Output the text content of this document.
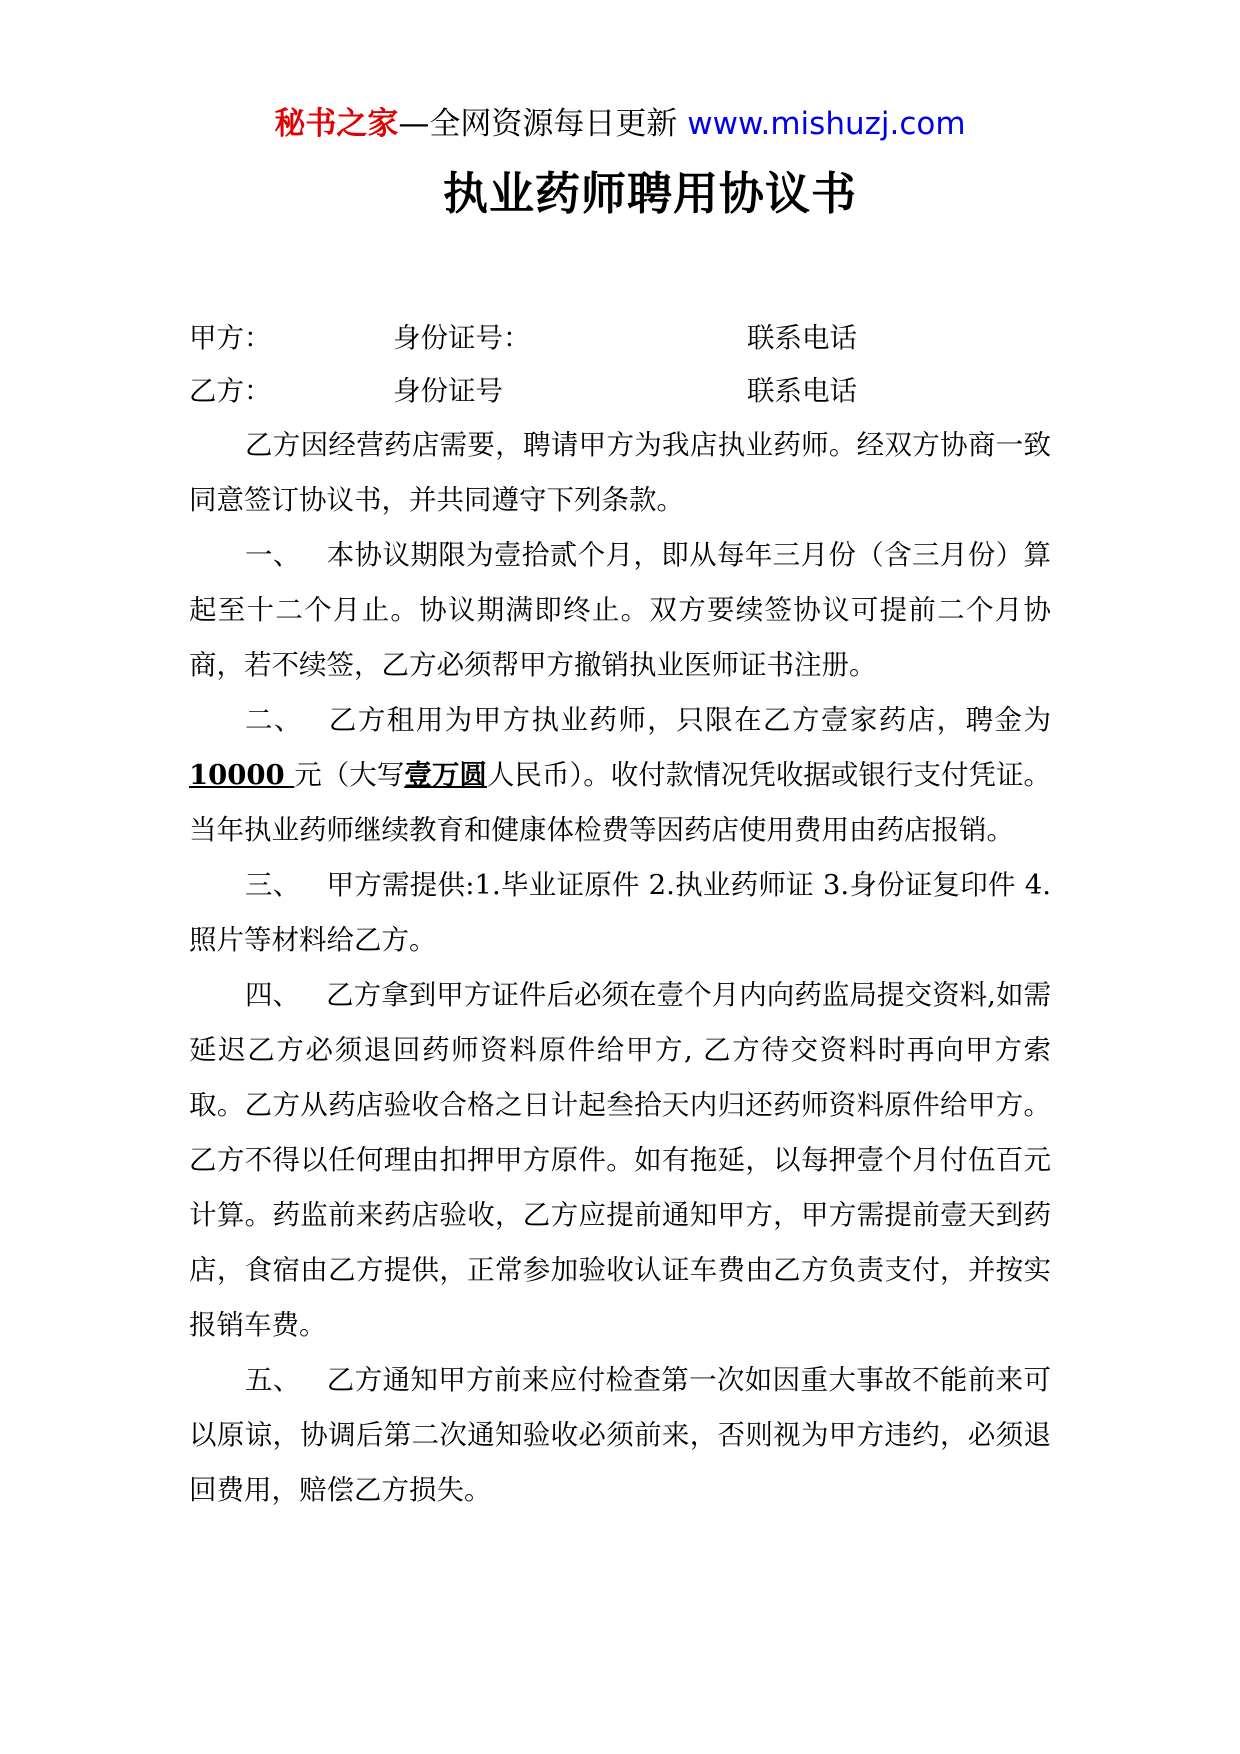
秘书之家—全网资源每日更新 www.mishuzj.com
执业药师聘用协议书
甲方：	身份证号：	联系电话
乙方：	身份证号	联系电话

乙方因经营药店需要，聘请甲方为我店执业药师。经双方协商一致同意签订协议书，并共同遵守下列条款。

一、 本协议期限为壹拾贰个月，即从每年三月份（含三月份）算起至十二个月止。协议期满即终止。双方要续签协议可提前二个月协商，若不续签，乙方必须帮甲方撤销执业医师证书注册。

二、 乙方租用为甲方执业药师，只限在乙方壹家药店，聘金为10000 元（大写壹万圆人民币）。收付款情况凭收据或银行支付凭证。当年执业药师继续教育和健康体检费等因药店使用费用由药店报销。

三、 甲方需提供:1.毕业证原件 2.执业药师证 3.身份证复印件 4.照片等材料给乙方。

四、 乙方拿到甲方证件后必须在壹个月内向药监局提交资料,如需延迟乙方必须退回药师资料原件给甲方, 乙方待交资料时再向甲方索取。乙方从药店验收合格之日计起叁拾天内归还药师资料原件给甲方。乙方不得以任何理由扣押甲方原件。如有拖延，以每押壹个月付伍百元计算。药监前来药店验收，乙方应提前通知甲方，甲方需提前壹天到药店，食宿由乙方提供，正常参加验收认证车费由乙方负责支付，并按实报销车费。

五、 乙方通知甲方前来应付检查第一次如因重大事故不能前来可以原谅，协调后第二次通知验收必须前来，否则视为甲方违约，必须退回费用，赔偿乙方损失。
